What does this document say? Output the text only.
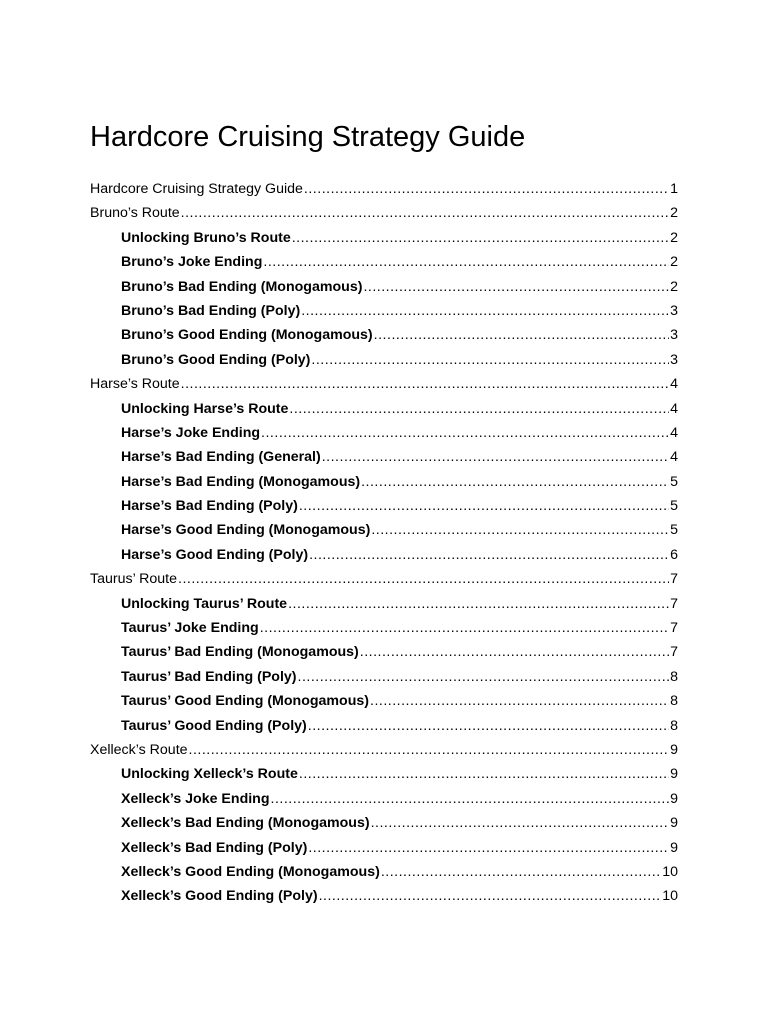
Hardcore Cruising Strategy Guide
Hardcore Cruising Strategy Guide .....	1
Bruno’s Route .....	2
Unlocking Bruno’s Route .....	2
Bruno’s Joke Ending .....	2
Bruno’s Bad Ending (Monogamous) .....	2
Bruno’s Bad Ending (Poly) .....	3
Bruno’s Good Ending (Monogamous) .....	3
Bruno’s Good Ending (Poly) .....	3
Harse’s Route .....	4
Unlocking Harse’s Route .....	4
Harse’s Joke Ending .....	4
Harse’s Bad Ending (General) .....	4
Harse’s Bad Ending (Monogamous) .....	5
Harse’s Bad Ending (Poly) .....	5
Harse’s Good Ending (Monogamous) .....	5
Harse’s Good Ending (Poly) .....	6
Taurus’ Route .....	7
Unlocking Taurus’ Route .....	7
Taurus’ Joke Ending .....	7
Taurus’ Bad Ending (Monogamous) .....	7
Taurus’ Bad Ending (Poly) .....	8
Taurus’ Good Ending (Monogamous) .....	8
Taurus’ Good Ending (Poly) .....	8
Xelleck’s Route .....	9
Unlocking Xelleck’s Route .....	9
Xelleck’s Joke Ending .....	9
Xelleck’s Bad Ending (Monogamous) .....	9
Xelleck’s Bad Ending (Poly) .....	9
Xelleck’s Good Ending (Monogamous) .....	10
Xelleck’s Good Ending (Poly) .....	10
